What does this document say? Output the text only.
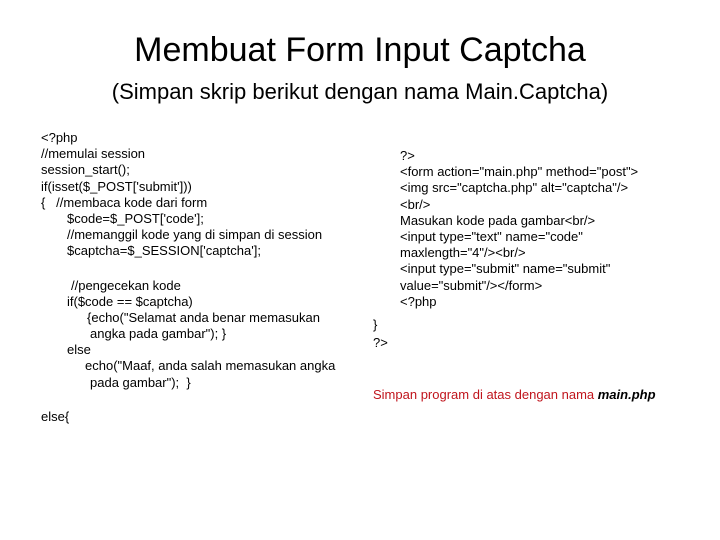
Membuat Form Input Captcha
(Simpan skrip berikut dengan nama Main.Captcha)
<?php
//memulai session
session_start();
if(isset($_POST['submit']))
{   //membaca kode dari form
$code=$_POST['code'];
//memanggil kode yang di simpan di session
$captcha=$_SESSION['captcha'];
//pengecekan kode
if($code == $captcha)
{echo("Selamat anda benar memasukan
angka pada gambar"); }
else
echo("Maaf, anda salah memasukan angka
pada gambar");  }
else{
}
?>
?>
<form action="main.php" method="post">
<img src="captcha.php" alt="captcha"/>
<br/>
Masukan kode pada gambar<br/>
<input type="text" name="code"
maxlength="4"/><br/>
<input type="submit" name="submit"
value="submit"/></form>
<?php
Simpan program di atas dengan nama main.php
